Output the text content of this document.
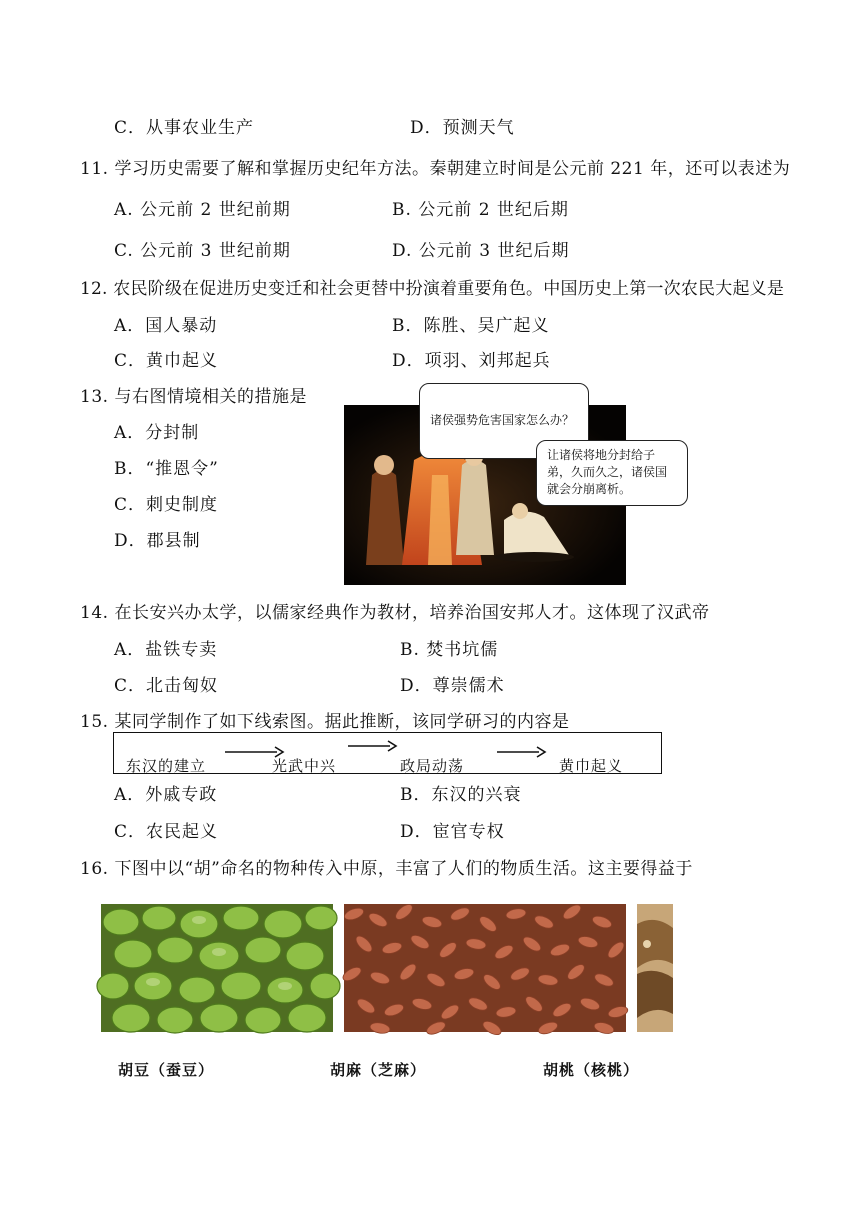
C．从事农业生产	D．预测天气
11. 学习历史需要了解和掌握历史纪年方法。秦朝建立时间是公元前 221 年，还可以表述为
A. 公元前 2 世纪前期	B. 公元前 2 世纪后期
C. 公元前 3 世纪前期	D. 公元前 3 世纪后期
12. 农民阶级在促进历史变迁和社会更替中扮演着重要角色。中国历史上第一次农民大起义是
A．国人暴动	B．陈胜、吴广起义
C．黄巾起义	D．项羽、刘邦起兵
13. 与右图情境相关的措施是
A．分封制
B．“推恩令”
C．刺史制度
D．郡县制
诸侯强势危害国家怎么办？
让诸侯将地分封给子弟，久而久之，诸侯国就会分崩离析。
14. 在长安兴办太学，以儒家经典作为教材，培养治国安邦人才。这体现了汉武帝
A．盐铁专卖	B. 焚书坑儒
C．北击匈奴	D．尊崇儒术
15. 某同学制作了如下线索图。据此推断，该同学研习的内容是
东汉的建立	光武中兴	政局动荡	黄巾起义
A．外戚专政	B．东汉的兴衰
C．农民起义	D．宦官专权
16. 下图中以“胡”命名的物种传入中原，丰富了人们的物质生活。这主要得益于
胡豆（蚕豆）	胡麻（芝麻）	胡桃（核桃）
